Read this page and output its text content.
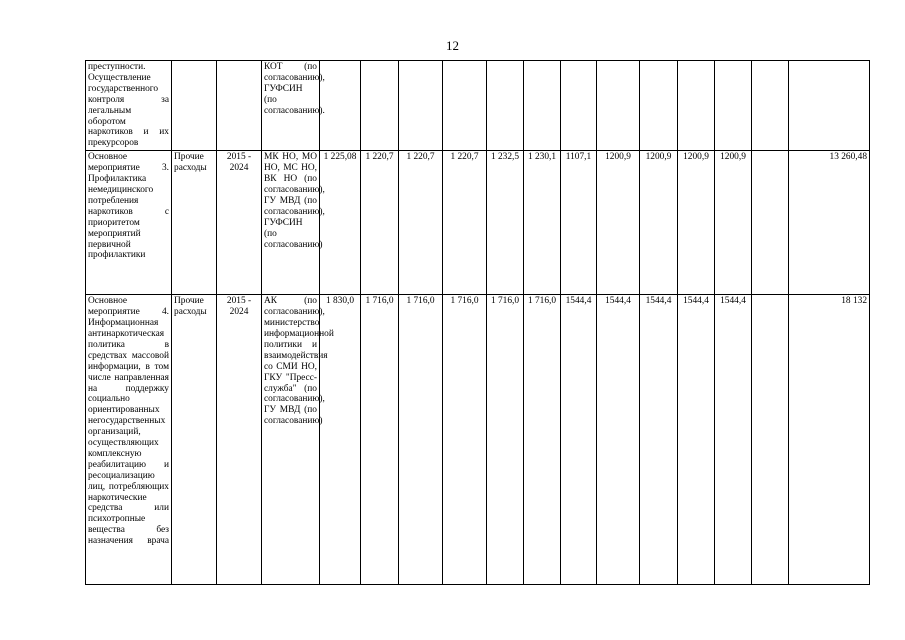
12
преступности. Осуществление государственного контроля за легальным оборотом наркотиков и их прекурсоров			КОТ (по согласованию), ГУФСИН (по согласованию).													
Основное мероприятие 3. Профилактика немедицинского потребления наркотиков с приоритетом мероприятий первичной профилактики	Прочие расходы	2015 - 2024	МК НО, МО НО, МС НО, ВК НО (по согласованию), ГУ МВД (по согласованию), ГУФСИН (по согласованию)	1 225,08	1 220,7	1 220,7	1 220,7	1 232,5	1 230,1	1107,1	1200,9	1200,9	1200,9	1200,9		13 260,48
Основное мероприятие 4. Информационная антинаркотическая политика в средствах массовой информации, в том числе направленная на поддержку социально ориентированных негосударственных организаций, осуществляющих комплексную реабилитацию и ресоциализацию лиц, потребляющих наркотические средства или психотропные вещества без назначения врача	Прочие расходы	2015 - 2024	АК (по согласованию), министерство информационной политики и взаимодействия со СМИ НО, ГКУ "Пресс-служба" (по согласованию), ГУ МВД (по согласованию)	1 830,0	1 716,0	1 716,0	1 716,0	1 716,0	1 716,0	1544,4	1544,4	1544,4	1544,4	1544,4		18 132
